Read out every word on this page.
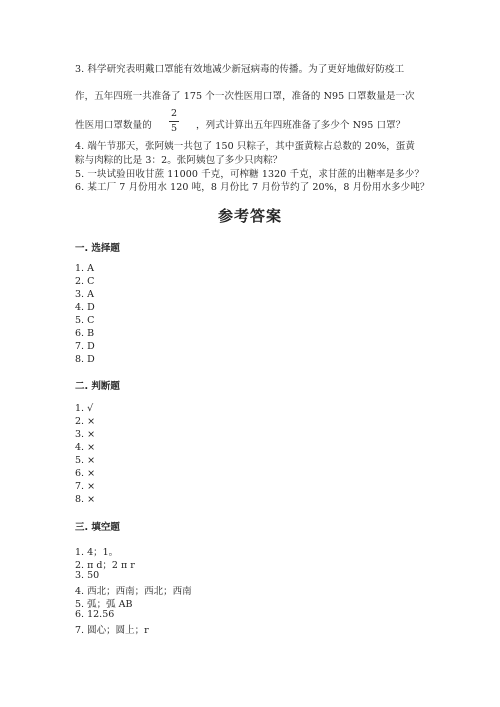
3. 科学研究表明戴口罩能有效地减少新冠病毒的传播。为了更好地做好防疫工
作，五年四班一共准备了 175 个一次性医用口罩，准备的 N95 口罩数量是一次
性医用口罩数量的
2
5	，列式计算出五年四班准备了多少个 N95 口罩？
4. 端午节那天，张阿姨一共包了 150 只粽子，其中蛋黄粽占总数的 20%，蛋黄
粽与肉粽的比是 3：2。张阿姨包了多少只肉粽？
5. 一块试验田收甘蔗 11000 千克，可榨糖 1320 千克，求甘蔗的出糖率是多少？
6. 某工厂 7 月份用水 120 吨，8 月份比 7 月份节约了 20%，8 月份用水多少吨？
参考答案
一. 选择题
1. A
2. C
3. A
4. D
5. C
6. B
7. D
8. D
二. 判断题
1. √
2. ×
3. ×
4. ×
5. ×
6. ×
7. ×
8. ×
三. 填空题
1. 4；1。
2. π d；2 π r
3. 50
4. 西北；西南；西北；西南
5. 弧；弧 AB
6. 12.56
7. 圆心；圆上；r
